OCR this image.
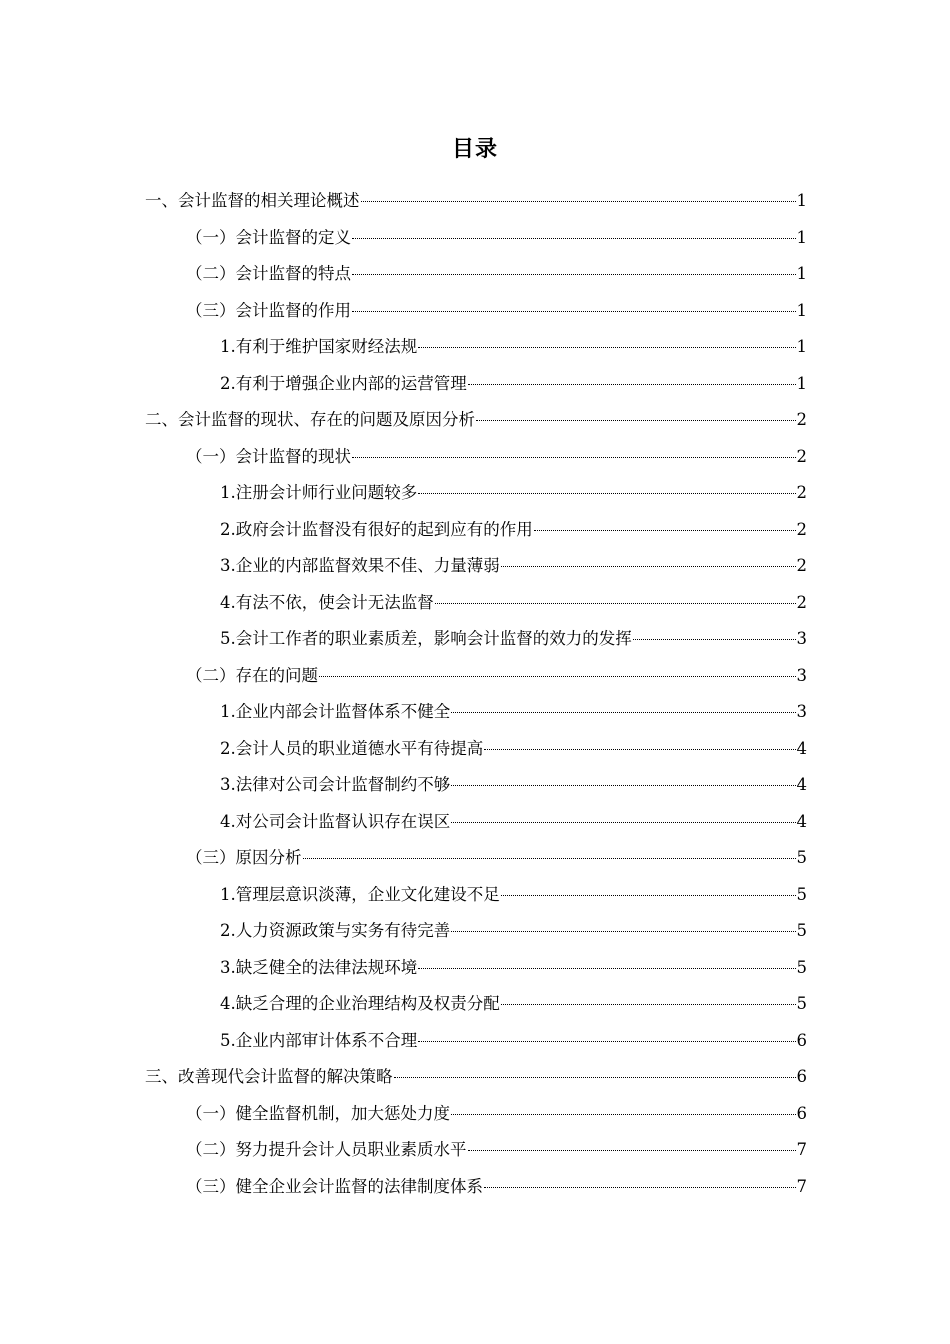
目录
一、会计监督的相关理论概述	1
（一）会计监督的定义	1
（二）会计监督的特点	1
（三）会计监督的作用	1
1.有利于维护国家财经法规	1
2.有利于增强企业内部的运营管理	1
二、会计监督的现状、存在的问题及原因分析	2
（一）会计监督的现状	2
1.注册会计师行业问题较多	2
2.政府会计监督没有很好的起到应有的作用	2
3.企业的内部监督效果不佳、力量薄弱	2
4.有法不依，使会计无法监督	2
5.会计工作者的职业素质差，影响会计监督的效力的发挥	3
（二）存在的问题	3
1.企业内部会计监督体系不健全	3
2.会计人员的职业道德水平有待提高	4
3.法律对公司会计监督制约不够	4
4.对公司会计监督认识存在误区	4
（三）原因分析	5
1.管理层意识淡薄，企业文化建设不足	5
2.人力资源政策与实务有待完善	5
3.缺乏健全的法律法规环境	5
4.缺乏合理的企业治理结构及权责分配	5
5.企业内部审计体系不合理	6
三、改善现代会计监督的解决策略	6
（一）健全监督机制，加大惩处力度	6
（二）努力提升会计人员职业素质水平	7
（三）健全企业会计监督的法律制度体系	7
